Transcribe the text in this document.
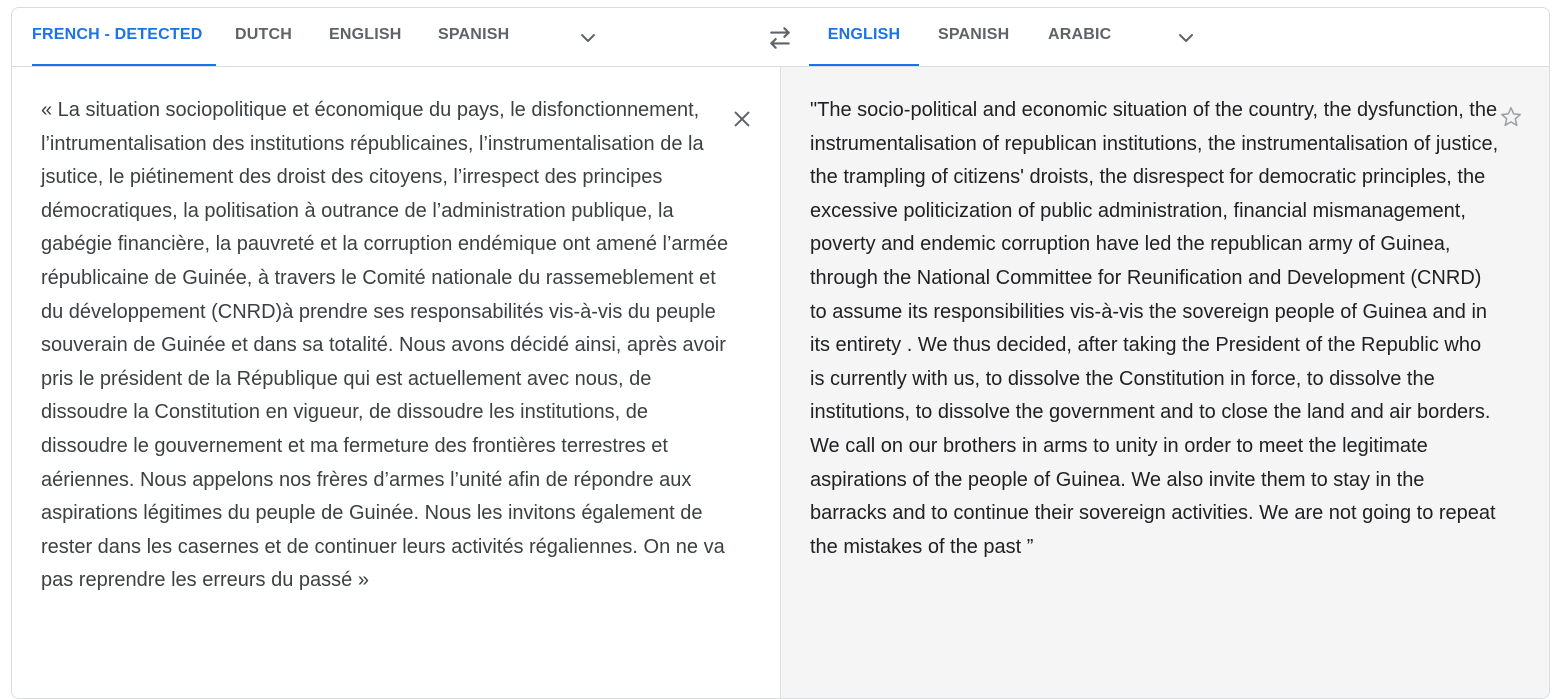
FRENCH - DETECTED	DUTCH ENGLISH SPANISH	ENGLISH	SPANISH ARABIC

« La situation sociopolitique et économique du pays, le disfonctionnement, l’intrumentalisation des institutions républicaines, l’instrumentalisation de la jsutice, le piétinement des droist des citoyens, l’irrespect des principes démocratiques, la politisation à outrance de l’administration publique, la gabégie financière, la pauvreté et la corruption endémique ont amené l’armée républicaine de Guinée, à travers le Comité nationale du rassemeblement et du développement (CNRD)à prendre ses responsabilités vis-à-vis du peuple souverain de Guinée et dans sa totalité. Nous avons décidé ainsi, après avoir pris le président de la République qui est actuellement avec nous, de dissoudre la Constitution en vigueur, de dissoudre les institutions, de dissoudre le gouvernement et ma fermeture des frontières terrestres et aériennes. Nous appelons nos frères d’armes l’unité afin de répondre aux aspirations légitimes du peuple de Guinée. Nous les invitons également de rester dans les casernes et de continuer leurs activités régaliennes. On ne va pas reprendre les erreurs du passé »

"The socio-political and economic situation of the country, the dysfunction, the instrumentalisation of republican institutions, the instrumentalisation of justice, the trampling of citizens' droists, the disrespect for democratic principles, the excessive politicization of public administration, financial mismanagement, poverty and endemic corruption have led the republican army of Guinea, through the National Committee for Reunification and Development (CNRD) to assume its responsibilities vis-à-vis the sovereign people of Guinea and in its entirety . We thus decided, after taking the President of the Republic who is currently with us, to dissolve the Constitution in force, to dissolve the institutions, to dissolve the government and to close the land and air borders. We call on our brothers in arms to unity in order to meet the legitimate aspirations of the people of Guinea. We also invite them to stay in the barracks and to continue their sovereign activities. We are not going to repeat the mistakes of the past ”
